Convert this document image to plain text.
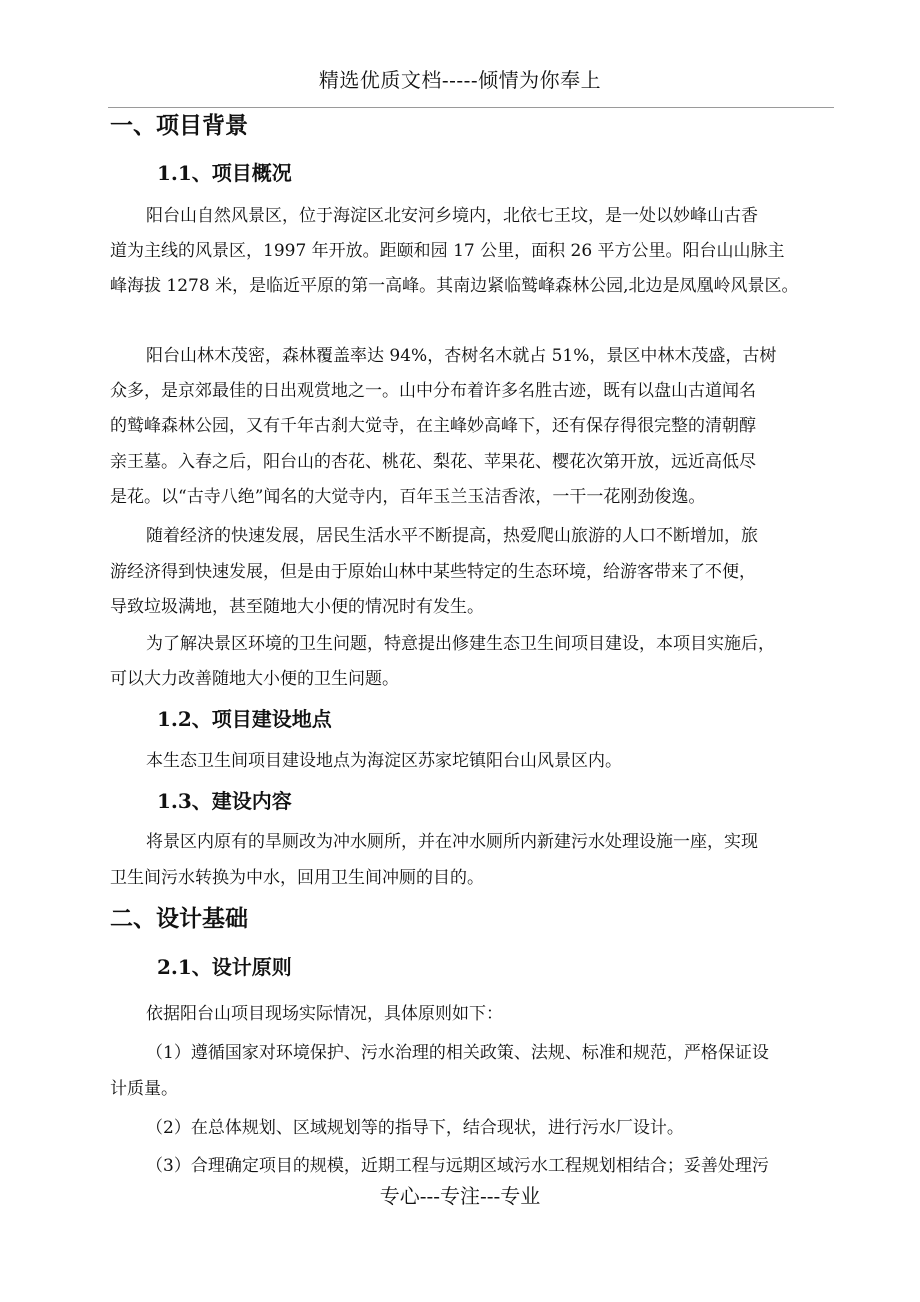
精选优质文档-----倾情为你奉上
一、项目背景
1.1、项目概况
阳台山自然风景区，位于海淀区北安河乡境内，北依七王坟，是一处以妙峰山古香
道为主线的风景区，1997 年开放。距颐和园 17 公里，面积 26 平方公里。阳台山山脉主
峰海拔 1278 米，是临近平原的第一高峰。其南边紧临鹫峰森林公园,北边是凤凰岭风景区。
阳台山林木茂密，森林覆盖率达 94%，杏树名木就占 51%，景区中林木茂盛，古树
众多，是京郊最佳的日出观赏地之一。山中分布着许多名胜古迹，既有以盘山古道闻名
的鹫峰森林公园，又有千年古刹大觉寺，在主峰妙高峰下，还有保存得很完整的清朝醇
亲王墓。入春之后，阳台山的杏花、桃花、梨花、苹果花、樱花次第开放，远近高低尽
是花。以“古寺八绝”闻名的大觉寺内，百年玉兰玉洁香浓，一干一花刚劲俊逸。
随着经济的快速发展，居民生活水平不断提高，热爱爬山旅游的人口不断增加，旅
游经济得到快速发展，但是由于原始山林中某些特定的生态环境，给游客带来了不便，
导致垃圾满地，甚至随地大小便的情况时有发生。
为了解决景区环境的卫生问题，特意提出修建生态卫生间项目建设，本项目实施后，
可以大力改善随地大小便的卫生问题。
1.2、项目建设地点
本生态卫生间项目建设地点为海淀区苏家坨镇阳台山风景区内。
1.3、建设内容
将景区内原有的旱厕改为冲水厕所，并在冲水厕所内新建污水处理设施一座，实现
卫生间污水转换为中水，回用卫生间冲厕的目的。
二、设计基础
2.1、设计原则
依据阳台山项目现场实际情况，具体原则如下：
（1）遵循国家对环境保护、污水治理的相关政策、法规、标准和规范，严格保证设
计质量。
（2）在总体规划、区域规划等的指导下，结合现状，进行污水厂设计。
（3）合理确定项目的规模，近期工程与远期区域污水工程规划相结合；妥善处理污
专心---专注---专业
